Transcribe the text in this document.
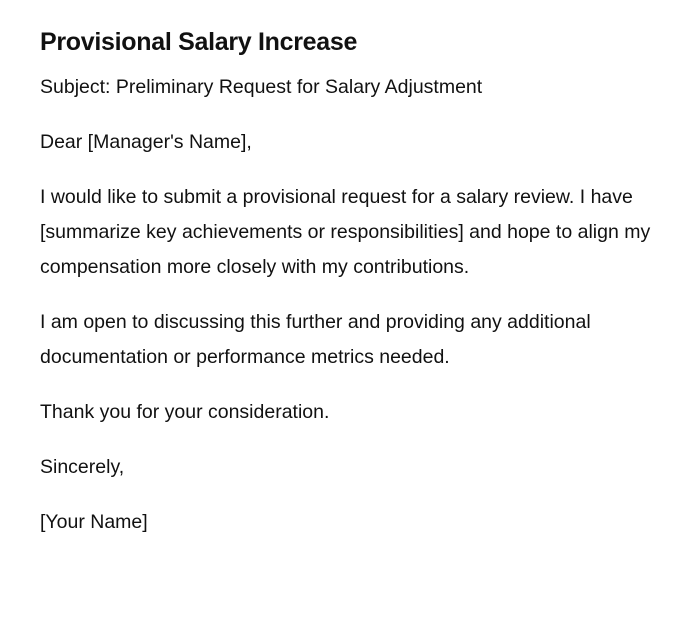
Provisional Salary Increase

Subject: Preliminary Request for Salary Adjustment

Dear [Manager's Name],

I would like to submit a provisional request for a salary review. I have [summarize key achievements or responsibilities] and hope to align my compensation more closely with my contributions.

I am open to discussing this further and providing any additional documentation or performance metrics needed.

Thank you for your consideration.

Sincerely,

[Your Name]
